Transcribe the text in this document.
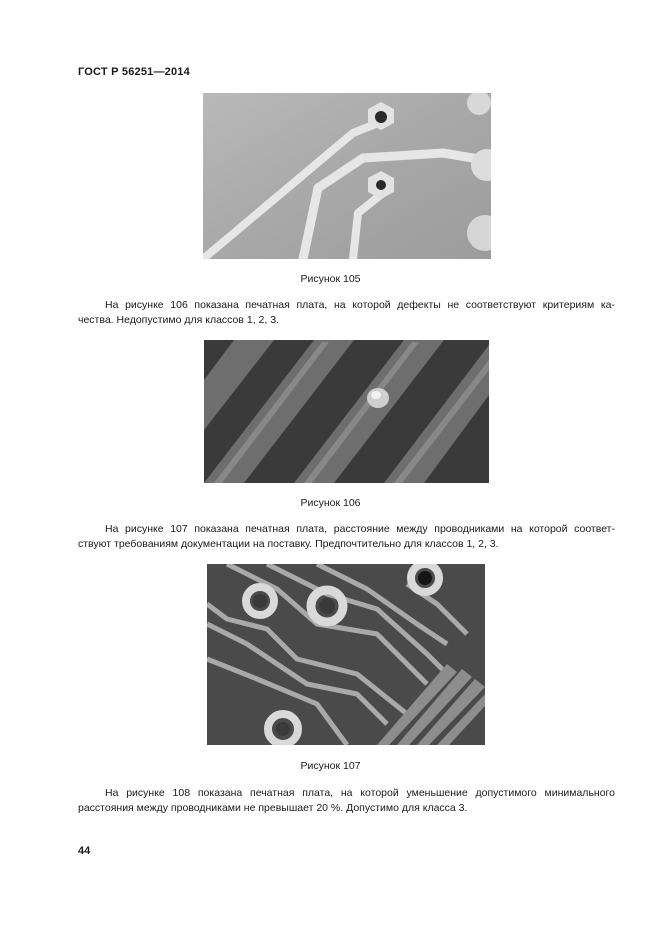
ГОСТ Р 56251—2014
Рисунок 105
На рисунке 106 показана печатная плата, на которой дефекты не соответствуют критериям ка-
чества. Недопустимо для классов 1, 2, 3.
Рисунок 106
На рисунке 107 показана печатная плата, расстояние между проводниками на которой соответ-
ствуют требованиям документации на поставку. Предпочтительно для классов 1, 2, 3.
Рисунок 107
На рисунке 108 показана печатная плата, на которой уменьшение допустимого минимального
расстояния между проводниками не превышает 20 %. Допустимо для класса 3.
44
